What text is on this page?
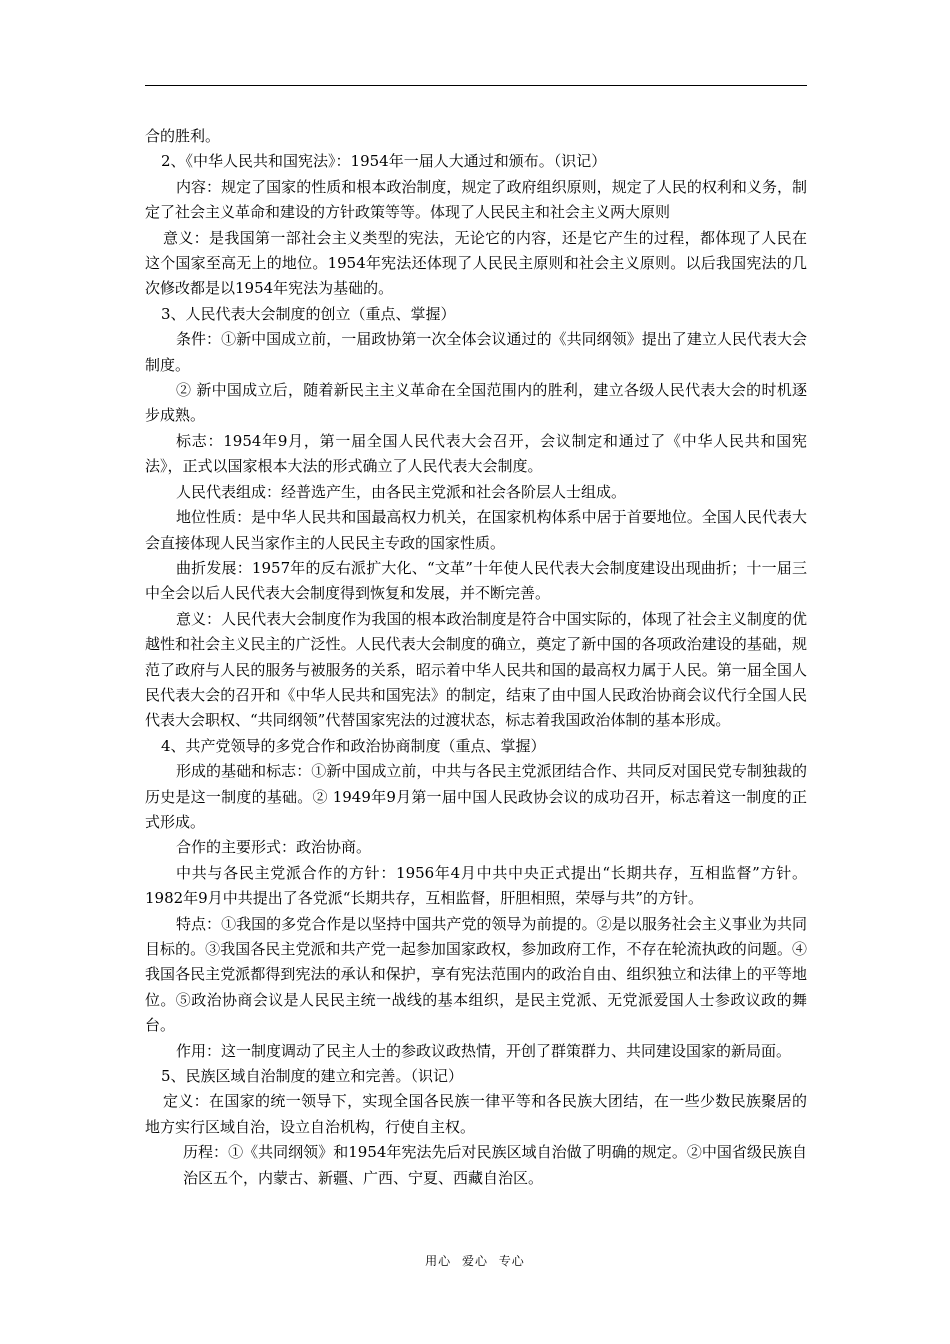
合的胜利。

2、《中华人民共和国宪法》：1954年一届人大通过和颁布。（识记）

内容：规定了国家的性质和根本政治制度，规定了政府组织原则，规定了人民的权利和义务，制定了社会主义革命和建设的方针政策等等。体现了人民民主和社会主义两大原则

意义：是我国第一部社会主义类型的宪法，无论它的内容，还是它产生的过程，都体现了人民在这个国家至高无上的地位。1954年宪法还体现了人民民主原则和社会主义原则。以后我国宪法的几次修改都是以1954年宪法为基础的。

3、人民代表大会制度的创立（重点、掌握）

条件：①新中国成立前，一届政协第一次全体会议通过的《共同纲领》提出了建立人民代表大会制度。

② 新中国成立后，随着新民主主义革命在全国范围内的胜利，建立各级人民代表大会的时机逐步成熟。

标志：1954年9月，第一届全国人民代表大会召开，会议制定和通过了《中华人民共和国宪法》，正式以国家根本大法的形式确立了人民代表大会制度。

人民代表组成：经普选产生，由各民主党派和社会各阶层人士组成。

地位性质：是中华人民共和国最高权力机关，在国家机构体系中居于首要地位。全国人民代表大会直接体现人民当家作主的人民民主专政的国家性质。

曲折发展：1957年的反右派扩大化、“文革”十年使人民代表大会制度建设出现曲折；十一届三中全会以后人民代表大会制度得到恢复和发展，并不断完善。

意义：人民代表大会制度作为我国的根本政治制度是符合中国实际的，体现了社会主义制度的优越性和社会主义民主的广泛性。人民代表大会制度的确立，奠定了新中国的各项政治建设的基础，规范了政府与人民的服务与被服务的关系，昭示着中华人民共和国的最高权力属于人民。第一届全国人民代表大会的召开和《中华人民共和国宪法》的制定，结束了由中国人民政治协商会议代行全国人民代表大会职权、“共同纲领”代替国家宪法的过渡状态，标志着我国政治体制的基本形成。

4、共产党领导的多党合作和政治协商制度（重点、掌握）

形成的基础和标志：①新中国成立前，中共与各民主党派团结合作、共同反对国民党专制独裁的历史是这一制度的基础。② 1949年9月第一届中国人民政协会议的成功召开，标志着这一制度的正式形成。

合作的主要形式：政治协商。

中共与各民主党派合作的方针：1956年4月中共中央正式提出“长期共存，互相监督”方针。1982年9月中共提出了各党派“长期共存，互相监督，肝胆相照，荣辱与共”的方针。

特点：①我国的多党合作是以坚持中国共产党的领导为前提的。②是以服务社会主义事业为共同目标的。③我国各民主党派和共产党一起参加国家政权，参加政府工作，不存在轮流执政的问题。④我国各民主党派都得到宪法的承认和保护，享有宪法范围内的政治自由、组织独立和法律上的平等地位。⑤政治协商会议是人民民主统一战线的基本组织，是民主党派、无党派爱国人士参政议政的舞台。

作用：这一制度调动了民主人士的参政议政热情，开创了群策群力、共同建设国家的新局面。

5、民族区域自治制度的建立和完善。（识记）

定义：在国家的统一领导下，实现全国各民族一律平等和各民族大团结，在一些少数民族聚居的地方实行区域自治，设立自治机构，行使自主权。

历程：①《共同纲领》和1954年宪法先后对民族区域自治做了明确的规定。②中国省级民族自治区五个，内蒙古、新疆、广西、宁夏、西藏自治区。

用心 爱心 专心
